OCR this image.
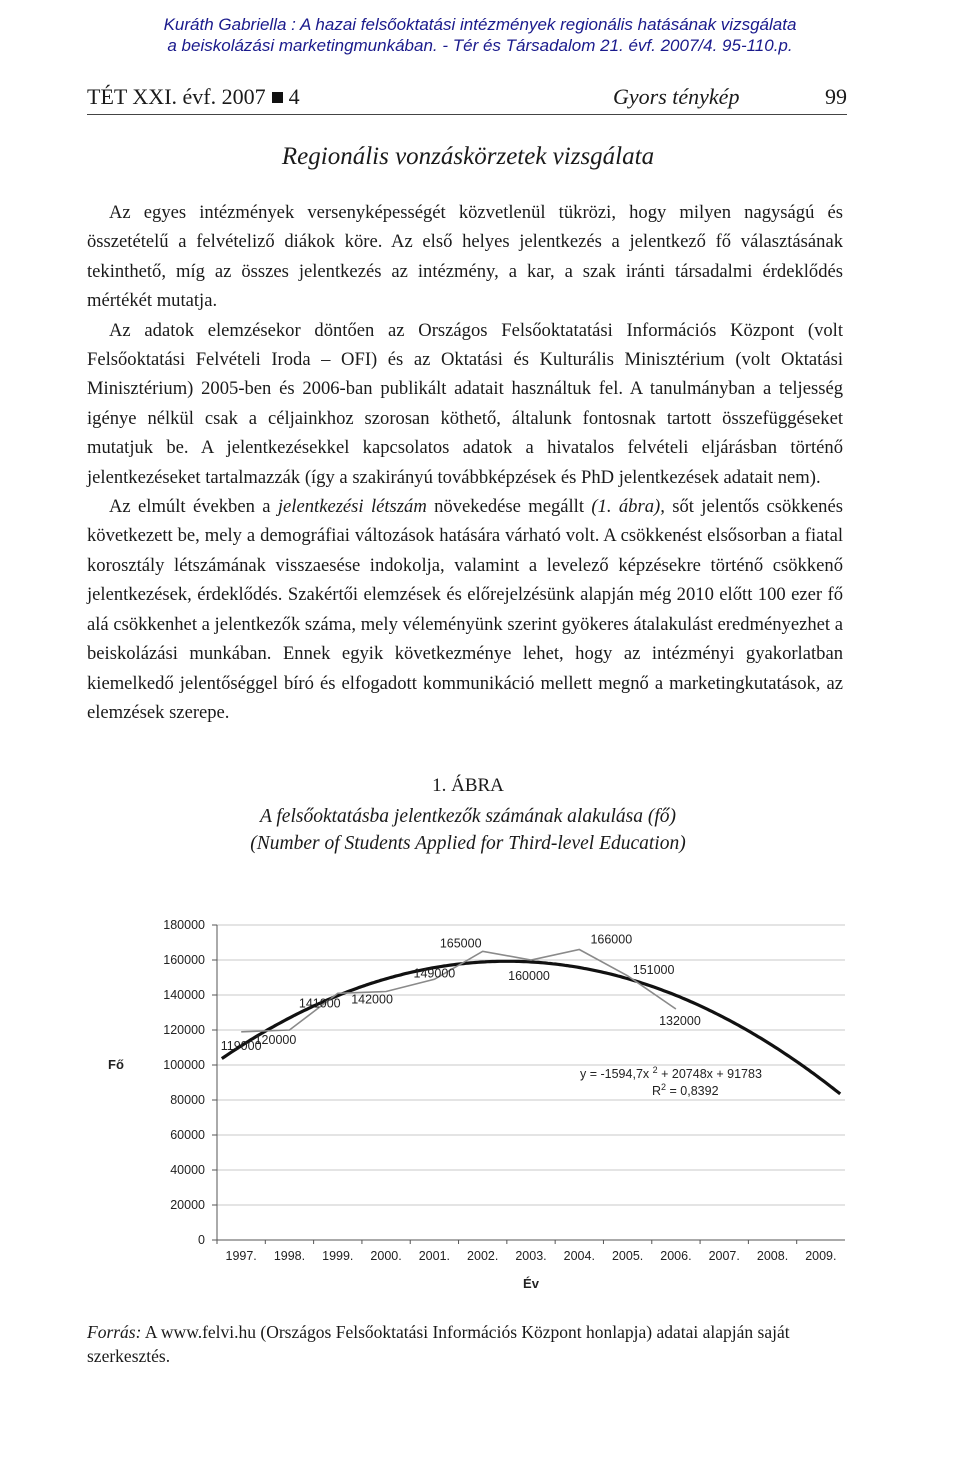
Kuráth Gabriella : A hazai felsőoktatási intézmények regionális hatásának vizsgálata
a beiskolázási marketingmunkában. - Tér és Társadalom 21. évf. 2007/4. 95-110.p.
TÉT XXI. évf. 2007 4	Gyors ténykép	99
Regionális vonzáskörzetek vizsgálata

Az egyes intézmények versenyképességét közvetlenül tükrözi, hogy milyen nagyságú és összetételű a felvételiző diákok köre. Az első helyes jelentkezés a jelentkező fő választásának tekinthető, míg az összes jelentkezés az intézmény, a kar, a szak iránti társadalmi érdeklődés mértékét mutatja.

Az adatok elemzésekor döntően az Országos Felsőoktatatási Információs Központ (volt Felsőoktatási Felvételi Iroda – OFI) és az Oktatási és Kulturális Minisztérium (volt Oktatási Minisztérium) 2005-ben és 2006-ban publikált adatait használtuk fel. A tanulmányban a teljesség igénye nélkül csak a céljainkhoz szorosan köthető, általunk fontosnak tartott összefüggéseket mutatjuk be. A jelentkezésekkel kapcsolatos adatok a hivatalos felvételi eljárásban történő jelentkezéseket tartalmazzák (így a szakirányú továbbképzések és PhD jelentkezések adatait nem).

Az elmúlt években a jelentkezési létszám növekedése megállt (1. ábra), sőt jelentős csökkenés következett be, mely a demográfiai változások hatására várható volt. A csökkenést elsősorban a fiatal korosztály létszámának visszaesése indokolja, valamint a levelező képzésekre történő csökkenő jelentkezések, érdeklődés. Szakértői elemzések és előrejelzésünk alapján még 2010 előtt 100 ezer fő alá csökkenhet a jelentkezők száma, mely véleményünk szerint gyökeres átalakulást eredményezhet a beiskolázási munkában. Ennek egyik következménye lehet, hogy az intézményi gyakorlatban kiemelkedő jelentőséggel bíró és elfogadott kommunikáció mellett megnő a marketingkutatások, az elemzések szerepe.

1. ÁBRA
A felsőoktatásba jelentkezők számának alakulása (fő)
(Number of Students Applied for Third-level Education)
0
20000
40000
60000
80000
100000
120000
140000
160000
180000
1997. 1998. 1999. 2000. 2001. 2002. 2003. 2004. 2005. 2006. 2007. 2008. 2009.
Év
Fő
119000
120000
141000 142000
149000
165000
160000
166000
151000
132000
y = -1594,7x $^2$ + 20748x + 91783
$R^2 = 0,8392$
Forrás: A www.felvi.hu (Országos Felsőoktatási Információs Központ honlapja) adatai alapján saját szerkesztés.
